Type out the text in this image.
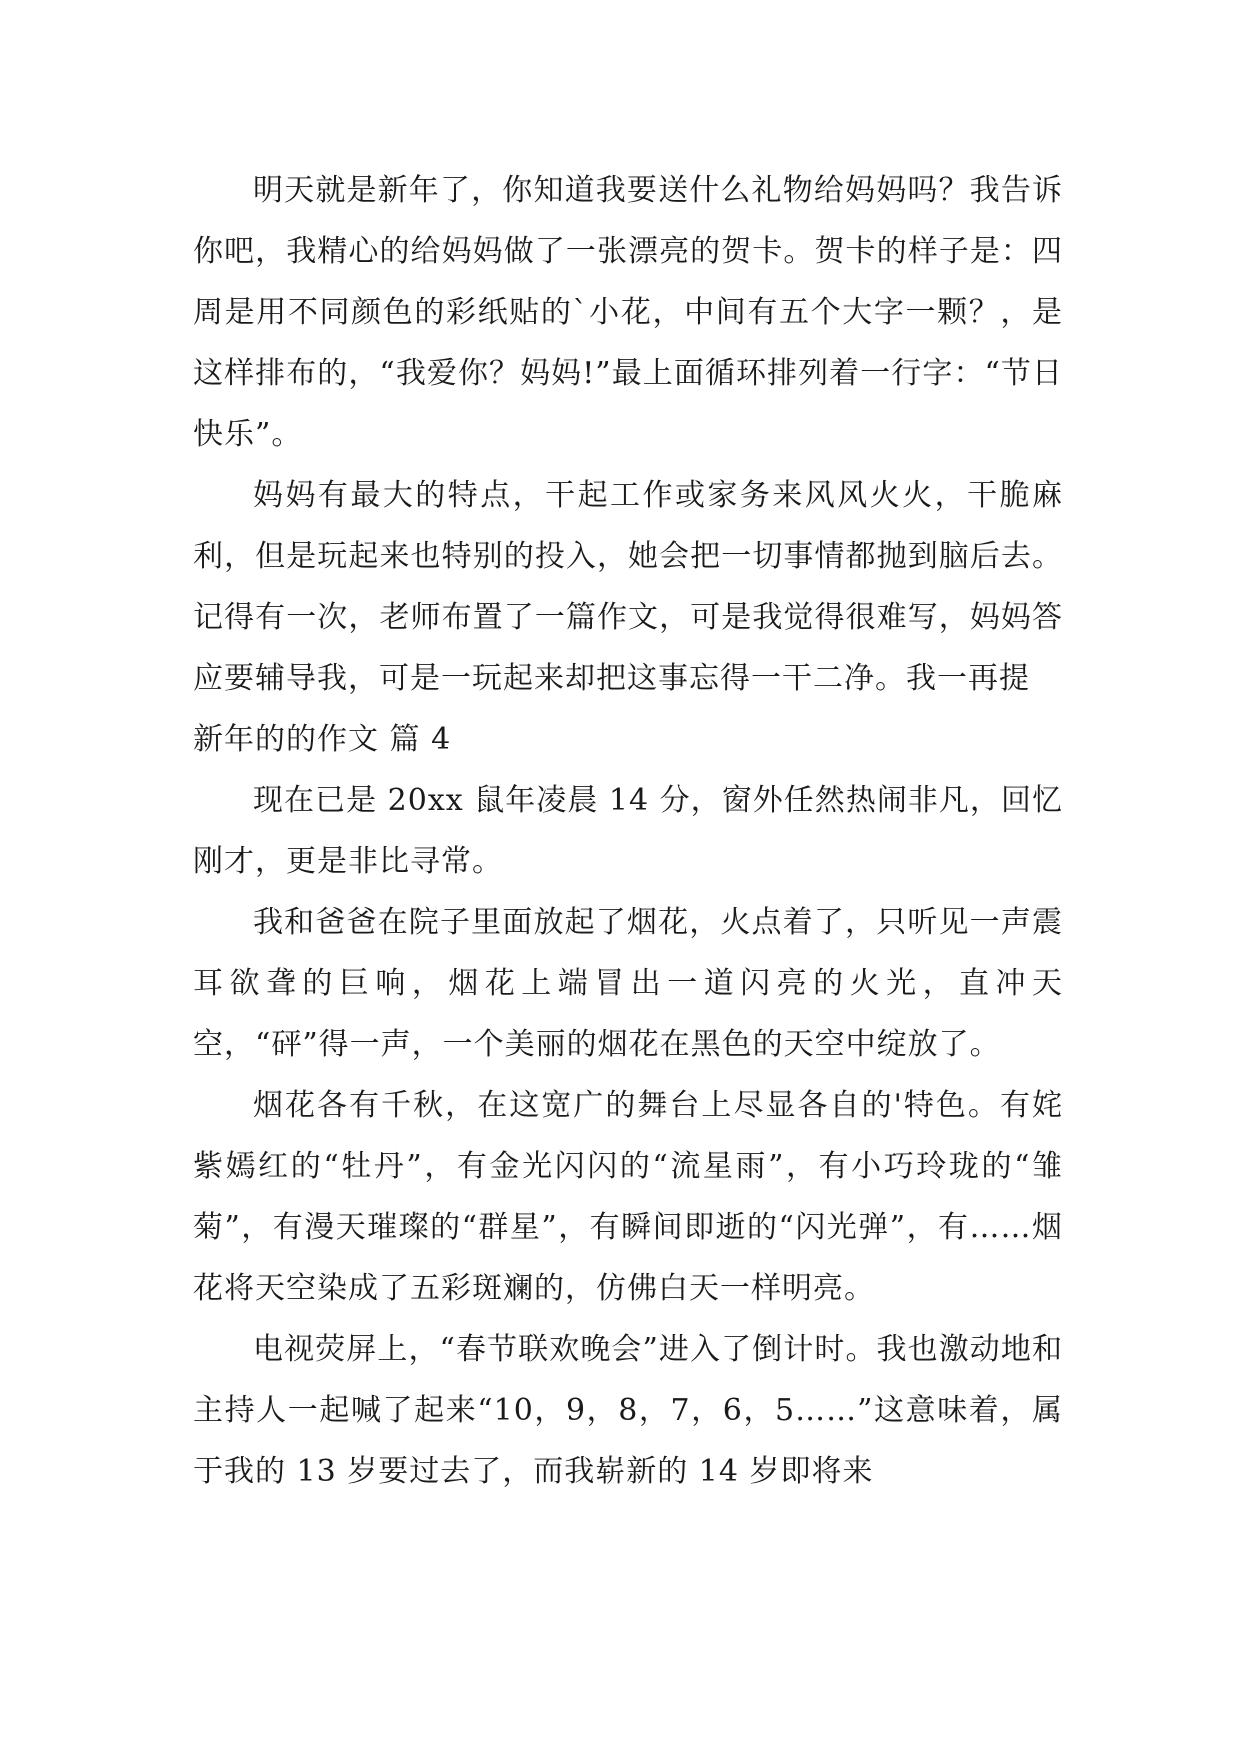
明天就是新年了，你知道我要送什么礼物给妈妈吗？我告诉你吧，我精心的给妈妈做了一张漂亮的贺卡。贺卡的样子是：四周是用不同颜色的彩纸贴的`小花，中间有五个大字一颗？，是这样排布的，“我爱你？妈妈!”最上面循环排列着一行字：“节日快乐”。

妈妈有最大的特点，干起工作或家务来风风火火，干脆麻利，但是玩起来也特别的投入，她会把一切事情都抛到脑后去。记得有一次，老师布置了一篇作文，可是我觉得很难写，妈妈答应要辅导我，可是一玩起来却把这事忘得一干二净。我一再提

新年的的作文 篇 4

现在已是 20xx 鼠年凌晨 14 分，窗外任然热闹非凡，回忆刚才，更是非比寻常。

我和爸爸在院子里面放起了烟花，火点着了，只听见一声震耳欲聋的巨响，烟花上端冒出一道闪亮的火光，直冲天空，“砰”得一声，一个美丽的烟花在黑色的天空中绽放了。

烟花各有千秋，在这宽广的舞台上尽显各自的'特色。有姹紫嫣红的“牡丹”，有金光闪闪的“流星雨”，有小巧玲珑的“雏菊”，有漫天璀璨的“群星”，有瞬间即逝的“闪光弹”，有……烟花将天空染成了五彩斑斓的，仿佛白天一样明亮。

电视荧屏上，“春节联欢晚会”进入了倒计时。我也激动地和主持人一起喊了起来“10，9，8，7，6，5……”这意味着，属于我的 13 岁要过去了，而我崭新的 14 岁即将来
